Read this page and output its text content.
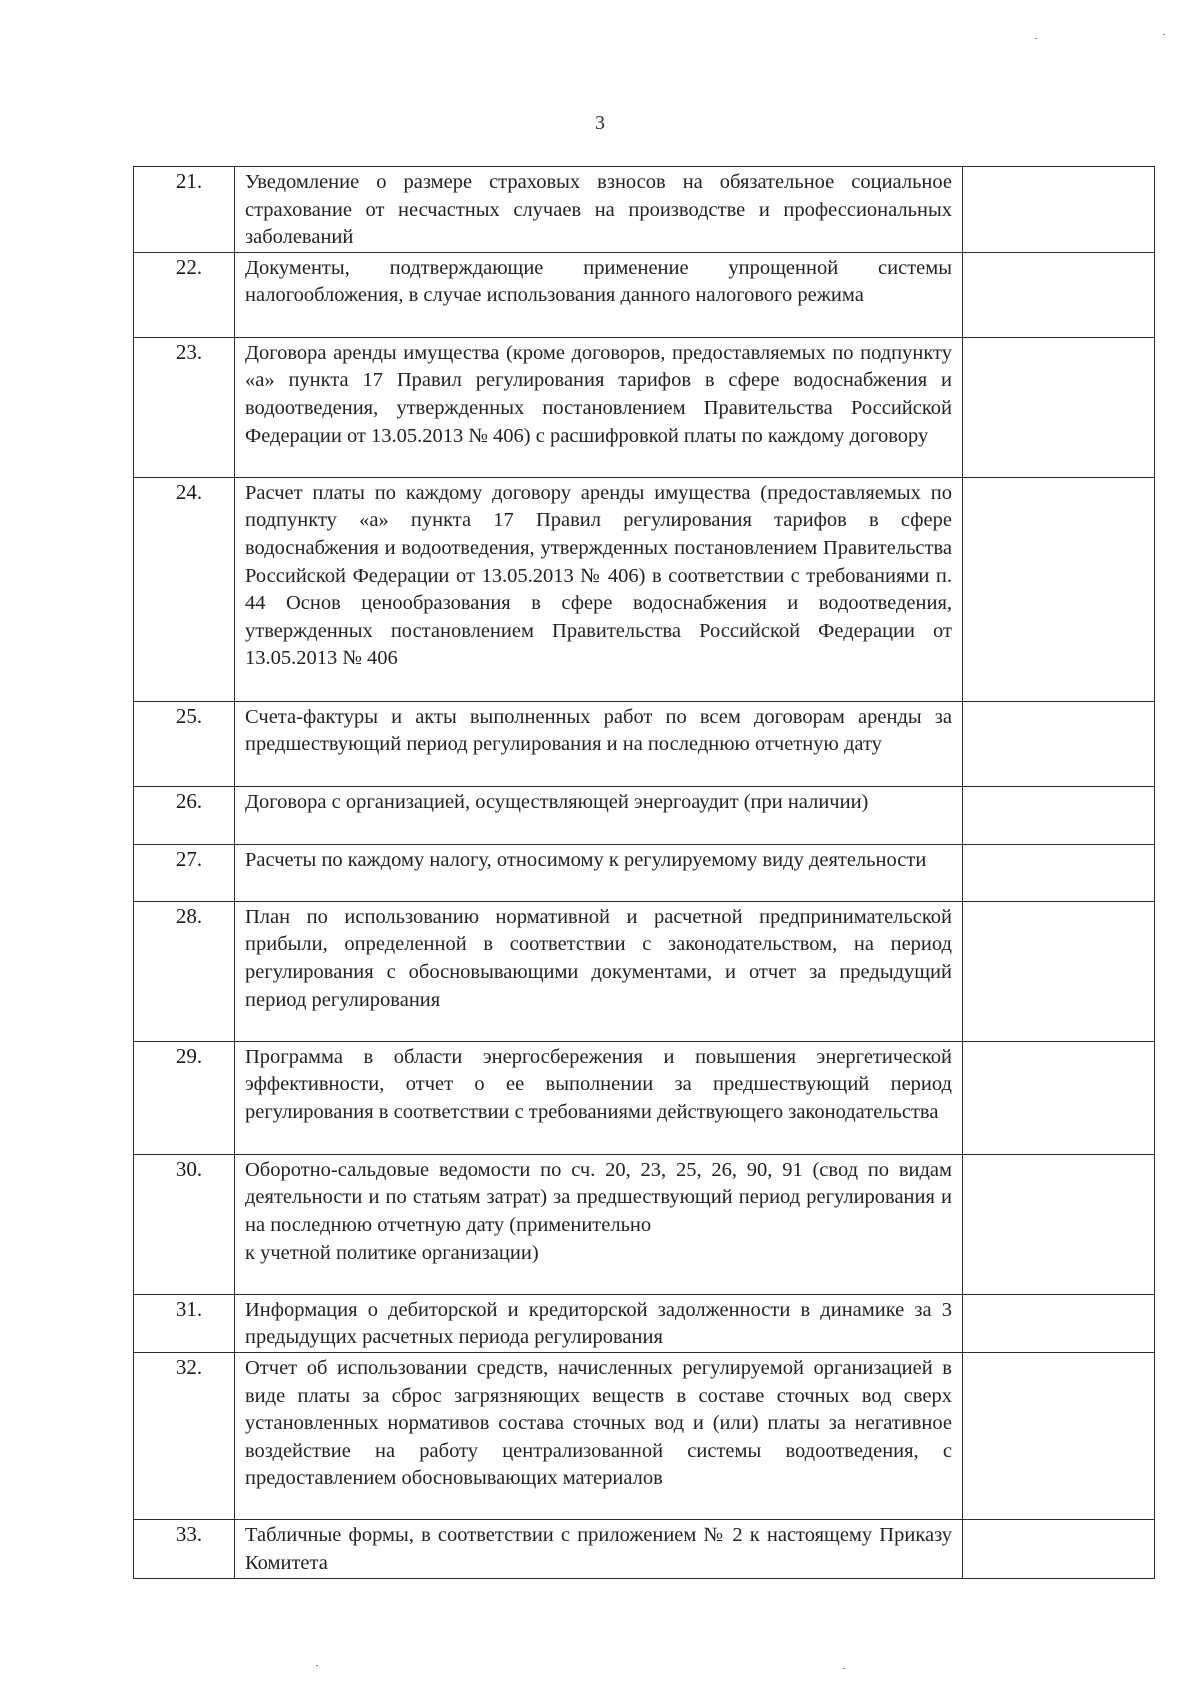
3
21.	Уведомление о размере страховых взносов на обязательное социальное страхование от несчастных случаев на производстве и профессиональных заболеваний	
22.	Документы, подтверждающие применение упрощенной системы налогообложения, в случае использования данного налогового режима	
23.	Договора аренды имущества (кроме договоров, предоставляемых по подпункту «а» пункта 17 Правил регулирования тарифов в сфере водоснабжения и водоотведения, утвержденных постановлением Правительства Российской Федерации от 13.05.2013 № 406) с расшифровкой платы по каждому договору	
24.	Расчет платы по каждому договору аренды имущества (предоставляемых по подпункту «а» пункта 17 Правил регулирования тарифов в сфере водоснабжения и водоотведения, утвержденных постановлением Правительства Российской Федерации от 13.05.2013 № 406) в соответствии с требованиями п. 44 Основ ценообразования в сфере водоснабжения и водоотведения, утвержденных постановлением Правительства Российской Федерации от 13.05.2013 № 406	
25.	Счета-фактуры и акты выполненных работ по всем договорам аренды за предшествующий период регулирования и на последнюю отчетную дату	
26.	Договора с организацией, осуществляющей энергоаудит (при наличии)	
27.	Расчеты по каждому налогу, относимому к регулируемому виду деятельности	
28.	План по использованию нормативной и расчетной предпринимательской прибыли, определенной в соответствии с законодательством, на период регулирования с обосновывающими документами, и отчет за предыдущий период регулирования	
29.	Программа в области энергосбережения и повышения энергетической эффективности, отчет о ее выполнении за предшествующий период регулирования в соответствии с требованиями действующего законодательства	
30.	Оборотно-сальдовые ведомости по сч. 20, 23, 25, 26, 90, 91 (свод по видам деятельности и по статьям затрат) за предшествующий период регулирования и на последнюю отчетную дату (применительно
к учетной политике организации)	
31.	Информация о дебиторской и кредиторской задолженности в динамике за 3 предыдущих расчетных периода регулирования	
32.	Отчет об использовании средств, начисленных регулируемой организацией в виде платы за сброс загрязняющих веществ в составе сточных вод сверх установленных нормативов состава сточных вод и (или) платы за негативное воздействие на работу централизованной системы водоотведения, с предоставлением обосновывающих материалов	
33.	Табличные формы, в соответствии с приложением № 2 к настоящему Приказу Комитета	
